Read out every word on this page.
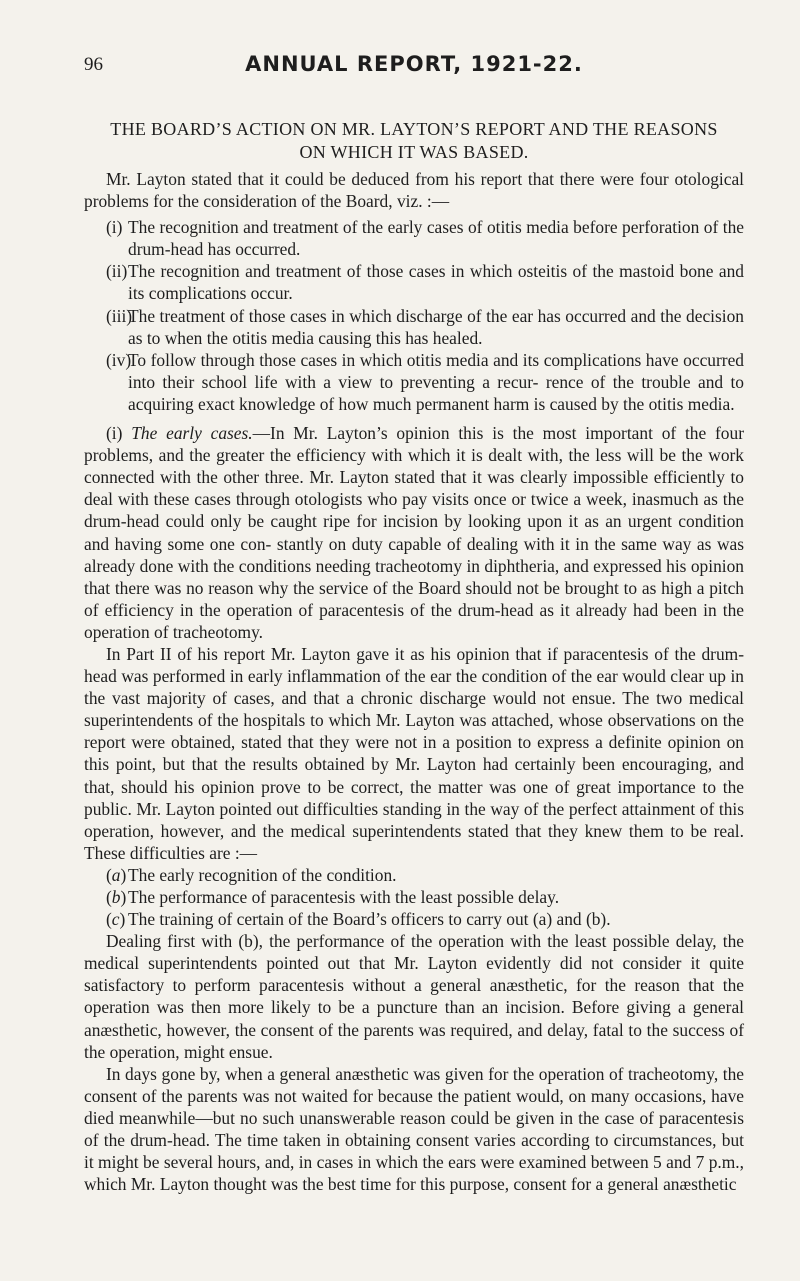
96	ANNUAL REPORT, 1921-22.
THE BOARD’S ACTION ON MR. LAYTON’S REPORT AND THE REASONS
ON WHICH IT WAS BASED.

Mr. Layton stated that it could be deduced from his report that there were four otological problems for the consideration of the Board, viz. :—

(i) The recognition and treatment of the early cases of otitis media before perforation of the drum-head has occurred.

(ii) The recognition and treatment of those cases in which osteitis of the mastoid bone and its complications occur.

(iii)
The treatment of those cases in which discharge of the ear has occurred and the decision as to when the otitis media causing this has healed.

(iv)
To follow through those cases in which otitis media and its complications have occurred into their school life with a view to preventing a recur- rence of the trouble and to acquiring exact knowledge of how much permanent harm is caused by the otitis media.

(i) The early cases.—In Mr. Layton’s opinion this is the most important of the four problems, and the greater the efficiency with which it is dealt with, the less will be the work connected with the other three. Mr. Layton stated that it was clearly impossible efficiently to deal with these cases through otologists who pay visits once or twice a week, inasmuch as the drum-head could only be caught ripe for incision by looking upon it as an urgent condition and having some one con- stantly on duty capable of dealing with it in the same way as was already done with the conditions needing tracheotomy in diphtheria, and expressed his opinion that there was no reason why the service of the Board should not be brought to as high a pitch of efficiency in the operation of paracentesis of the drum-head as it already had been in the operation of tracheotomy.

In Part II of his report Mr. Layton gave it as his opinion that if paracentesis of the drum-head was performed in early inflammation of the ear the condition of the ear would clear up in the vast majority of cases, and that a chronic discharge would not ensue. The two medical superintendents of the hospitals to which Mr. Layton was attached, whose observations on the report were obtained, stated that they were not in a position to express a definite opinion on this point, but that the results obtained by Mr. Layton had certainly been encouraging, and that, should his opinion prove to be correct, the matter was one of great importance to the public. Mr. Layton pointed out difficulties standing in the way of the perfect attainment of this operation, however, and the medical superintendents stated that they knew them to be real. These difficulties are :—

(a) The early recognition of the condition.

(b) The performance of paracentesis with the least possible delay.

(c) The training of certain of the Board’s officers to carry out (a) and (b).

Dealing first with (b), the performance of the operation with the least possible delay, the medical superintendents pointed out that Mr. Layton evidently did not consider it quite satisfactory to perform paracentesis without a general anæsthetic, for the reason that the operation was then more likely to be a puncture than an incision. Before giving a general anæsthetic, however, the consent of the parents was required, and delay, fatal to the success of the operation, might ensue.

In days gone by, when a general anæsthetic was given for the operation of tracheotomy, the consent of the parents was not waited for because the patient would, on many occasions, have died meanwhile—but no such unanswerable reason could be given in the case of paracentesis of the drum-head. The time taken in obtaining consent varies according to circumstances, but it might be several hours, and, in cases in which the ears were examined between 5 and 7 p.m., which Mr. Layton thought was the best time for this purpose, consent for a general anæsthetic
